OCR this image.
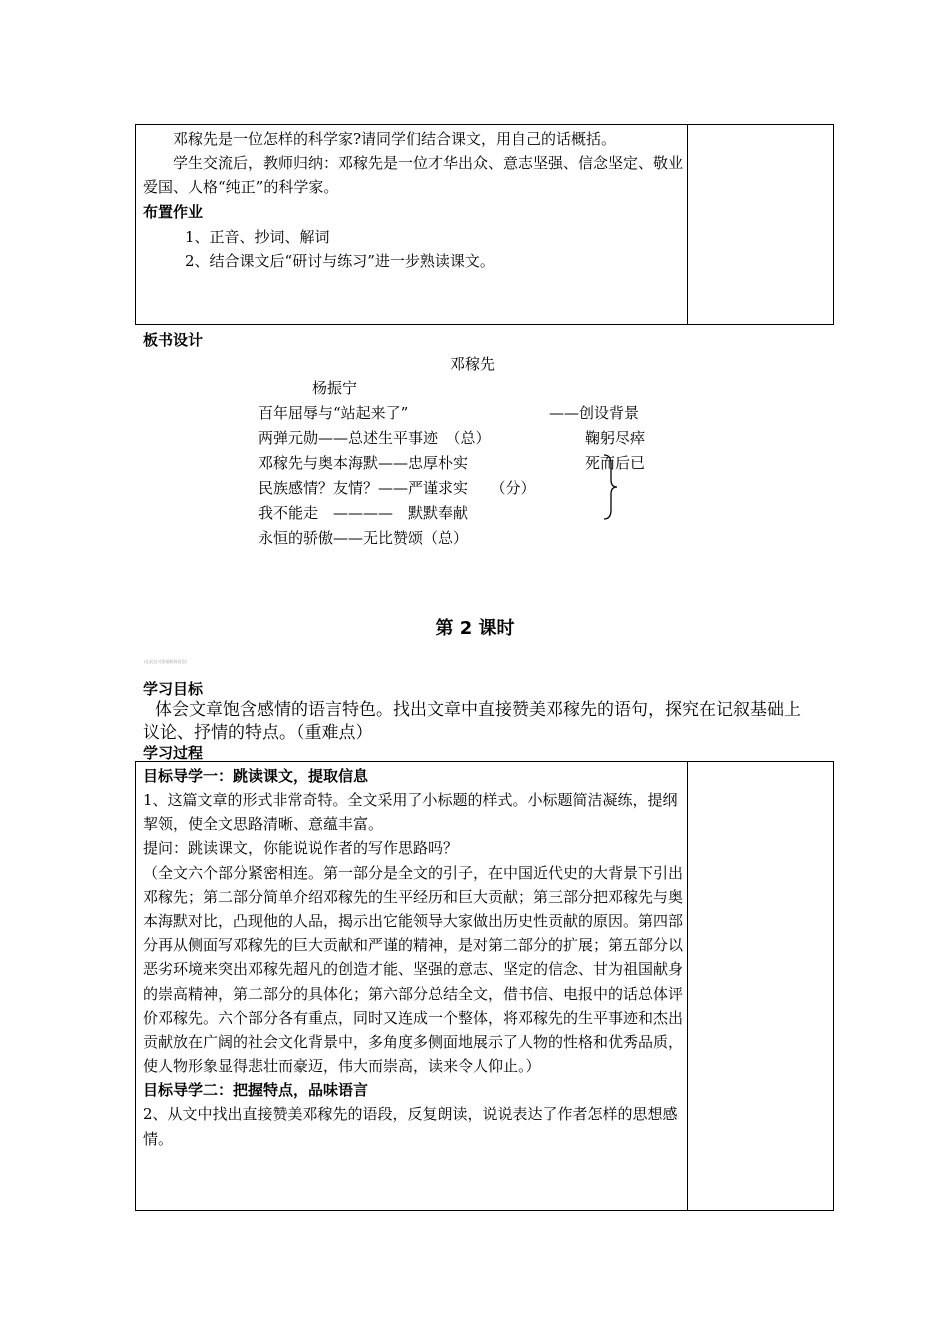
邓稼先是一位怎样的科学家?请同学们结合课文，用自己的话概括。

学生交流后，教师归纳：邓稼先是一位才华出众、意志坚强、信念坚定、敬业爱国、人格“纯正”的科学家。

布置作业

1、正音、抄词、解词

2、结合课文后“研讨与练习”进一步熟读课文。

板书设计
邓稼先
杨振宁
百年屈辱与“站起来了”
两弹元勋——总述生平事迹　（总）
邓稼先与奥本海默——忠厚朴实
民族感情？友情？——严谨求实　　（分）
我不能走　————　默默奉献
永恒的骄傲——无比赞颂（总）
——创设背景
鞠躬尽瘁
死而后已
第 2 课时
(在此处可添加版权信息)
学习目标
体会文章饱含感情的语言特色。找出文章中直接赞美邓稼先的语句，探究在记叙基础上议论、抒情的特点。（重难点）
学习过程
目标导学一：跳读课文，提取信息
1、这篇文章的形式非常奇特。全文采用了小标题的样式。小标题简洁凝练，提纲挈领，使全文思路清晰、意蕴丰富。
提问：跳读课文，你能说说作者的写作思路吗？
（全文六个部分紧密相连。第一部分是全文的引子，在中国近代史的大背景下引出邓稼先；第二部分简单介绍邓稼先的生平经历和巨大贡献；第三部分把邓稼先与奥本海默对比，凸现他的人品，揭示出它能领导大家做出历史性贡献的原因。第四部分再从侧面写邓稼先的巨大贡献和严谨的精神，是对第二部分的扩展；第五部分以恶劣环境来突出邓稼先超凡的创造才能、坚强的意志、坚定的信念、甘为祖国献身的崇高精神，第二部分的具体化；第六部分总结全文，借书信、电报中的话总体评价邓稼先。六个部分各有重点，同时又连成一个整体，将邓稼先的生平事迹和杰出贡献放在广阔的社会文化背景中，多角度多侧面地展示了人物的性格和优秀品质，使人物形象显得悲壮而豪迈，伟大而崇高，读来令人仰止。）
目标导学二：把握特点，品味语言
2、从文中找出直接赞美邓稼先的语段，反复朗读，说说表达了作者怎样的思想感情。
